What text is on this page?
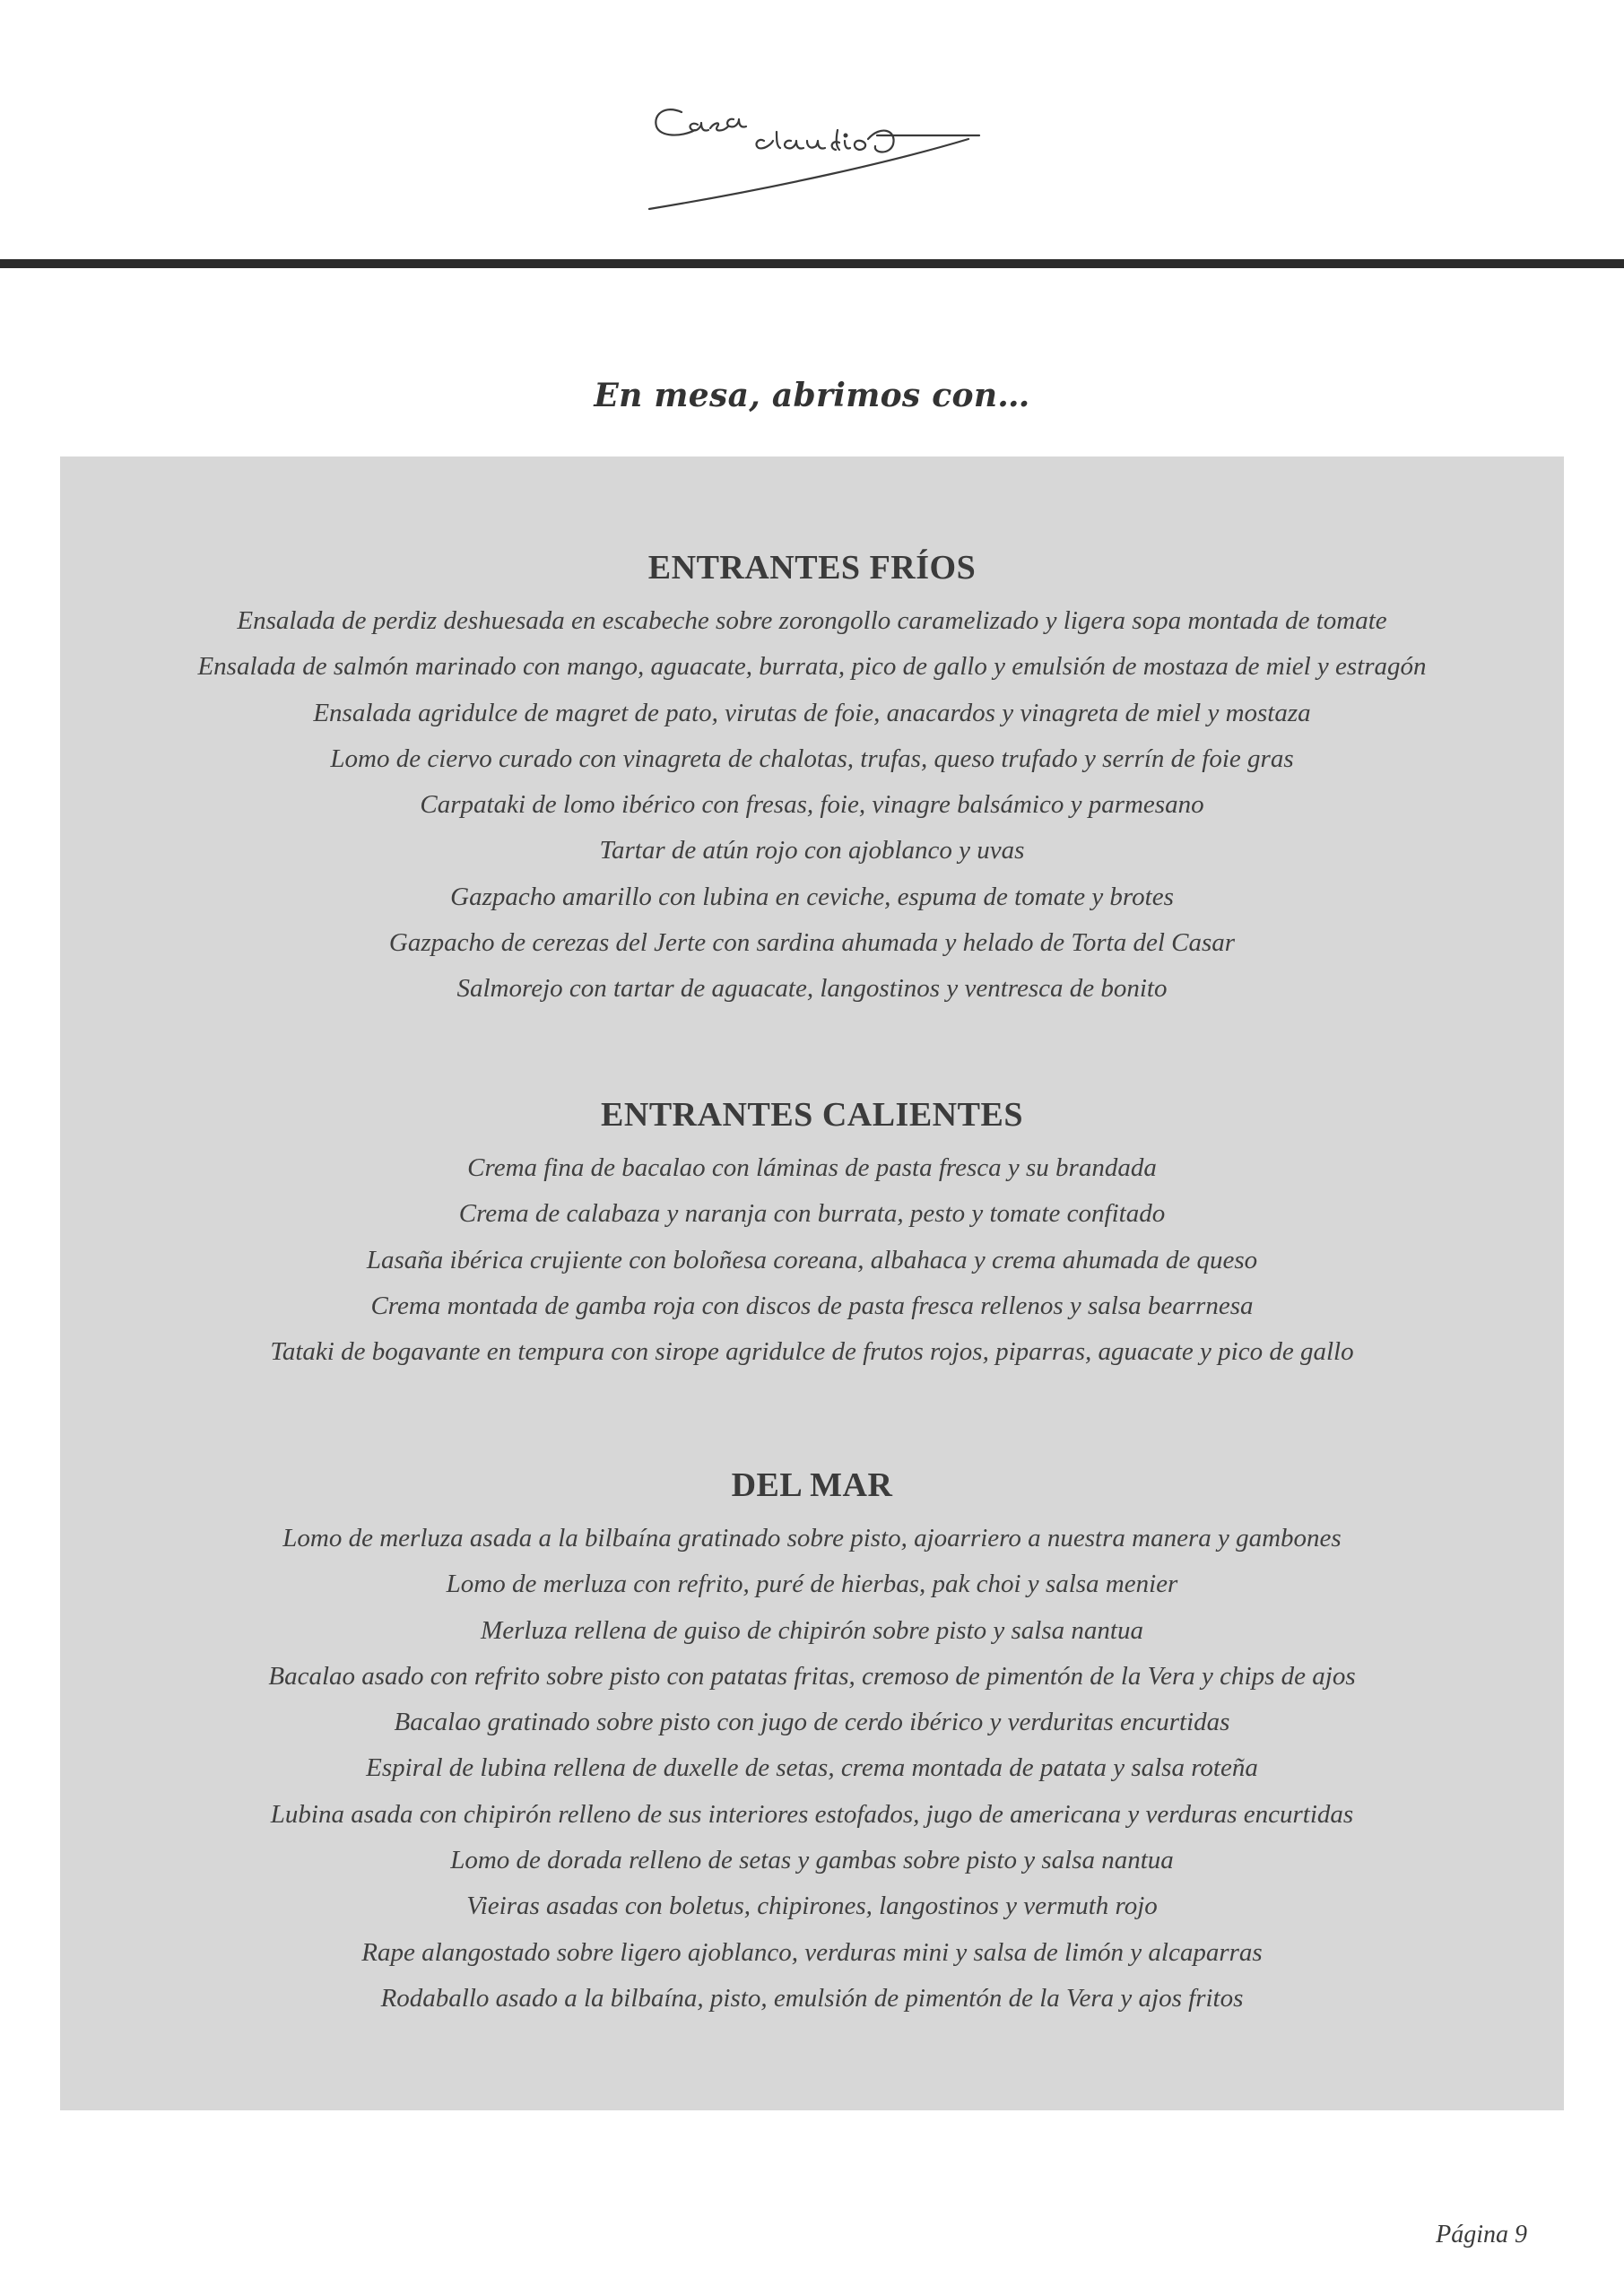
En mesa, abrimos con…
ENTRANTES FRÍOS
Ensalada de perdiz deshuesada en escabeche sobre zorongollo caramelizado y ligera sopa montada de tomate
Ensalada de salmón marinado con mango, aguacate, burrata, pico de gallo y emulsión de mostaza de miel y estragón
Ensalada agridulce de magret de pato, virutas de foie, anacardos y vinagreta de miel y mostaza
Lomo de ciervo curado con vinagreta de chalotas, trufas, queso trufado y serrín de foie gras
Carpataki de lomo ibérico con fresas, foie, vinagre balsámico y parmesano
Tartar de atún rojo con ajoblanco y uvas
Gazpacho amarillo con lubina en ceviche, espuma de tomate y brotes
Gazpacho de cerezas del Jerte con sardina ahumada y helado de Torta del Casar
Salmorejo con tartar de aguacate, langostinos y ventresca de bonito
ENTRANTES CALIENTES
Crema fina de bacalao con láminas de pasta fresca y su brandada
Crema de calabaza y naranja con burrata, pesto y tomate confitado
Lasaña ibérica crujiente con boloñesa coreana, albahaca y crema ahumada de queso
Crema montada de gamba roja con discos de pasta fresca rellenos y salsa bearrnesa
Tataki de bogavante en tempura con sirope agridulce de frutos rojos, piparras, aguacate y pico de gallo
DEL MAR
Lomo de merluza asada a la bilbaína gratinado sobre pisto, ajoarriero a nuestra manera y gambones
Lomo de merluza con refrito, puré de hierbas, pak choi y salsa menier
Merluza rellena de guiso de chipirón sobre pisto y salsa nantua
Bacalao asado con refrito sobre pisto con patatas fritas, cremoso de pimentón de la Vera y chips de ajos
Bacalao gratinado sobre pisto con jugo de cerdo ibérico y verduritas encurtidas
Espiral de lubina rellena de duxelle de setas, crema montada de patata y salsa roteña
Lubina asada con chipirón relleno de sus interiores estofados, jugo de americana y verduras encurtidas
Lomo de dorada relleno de setas y gambas sobre pisto y salsa nantua
Vieiras asadas con boletus, chipirones, langostinos y vermuth rojo
Rape alangostado sobre ligero ajoblanco, verduras mini y salsa de limón y alcaparras
Rodaballo asado a la bilbaína, pisto, emulsión de pimentón de la Vera y ajos fritos
Página 9
